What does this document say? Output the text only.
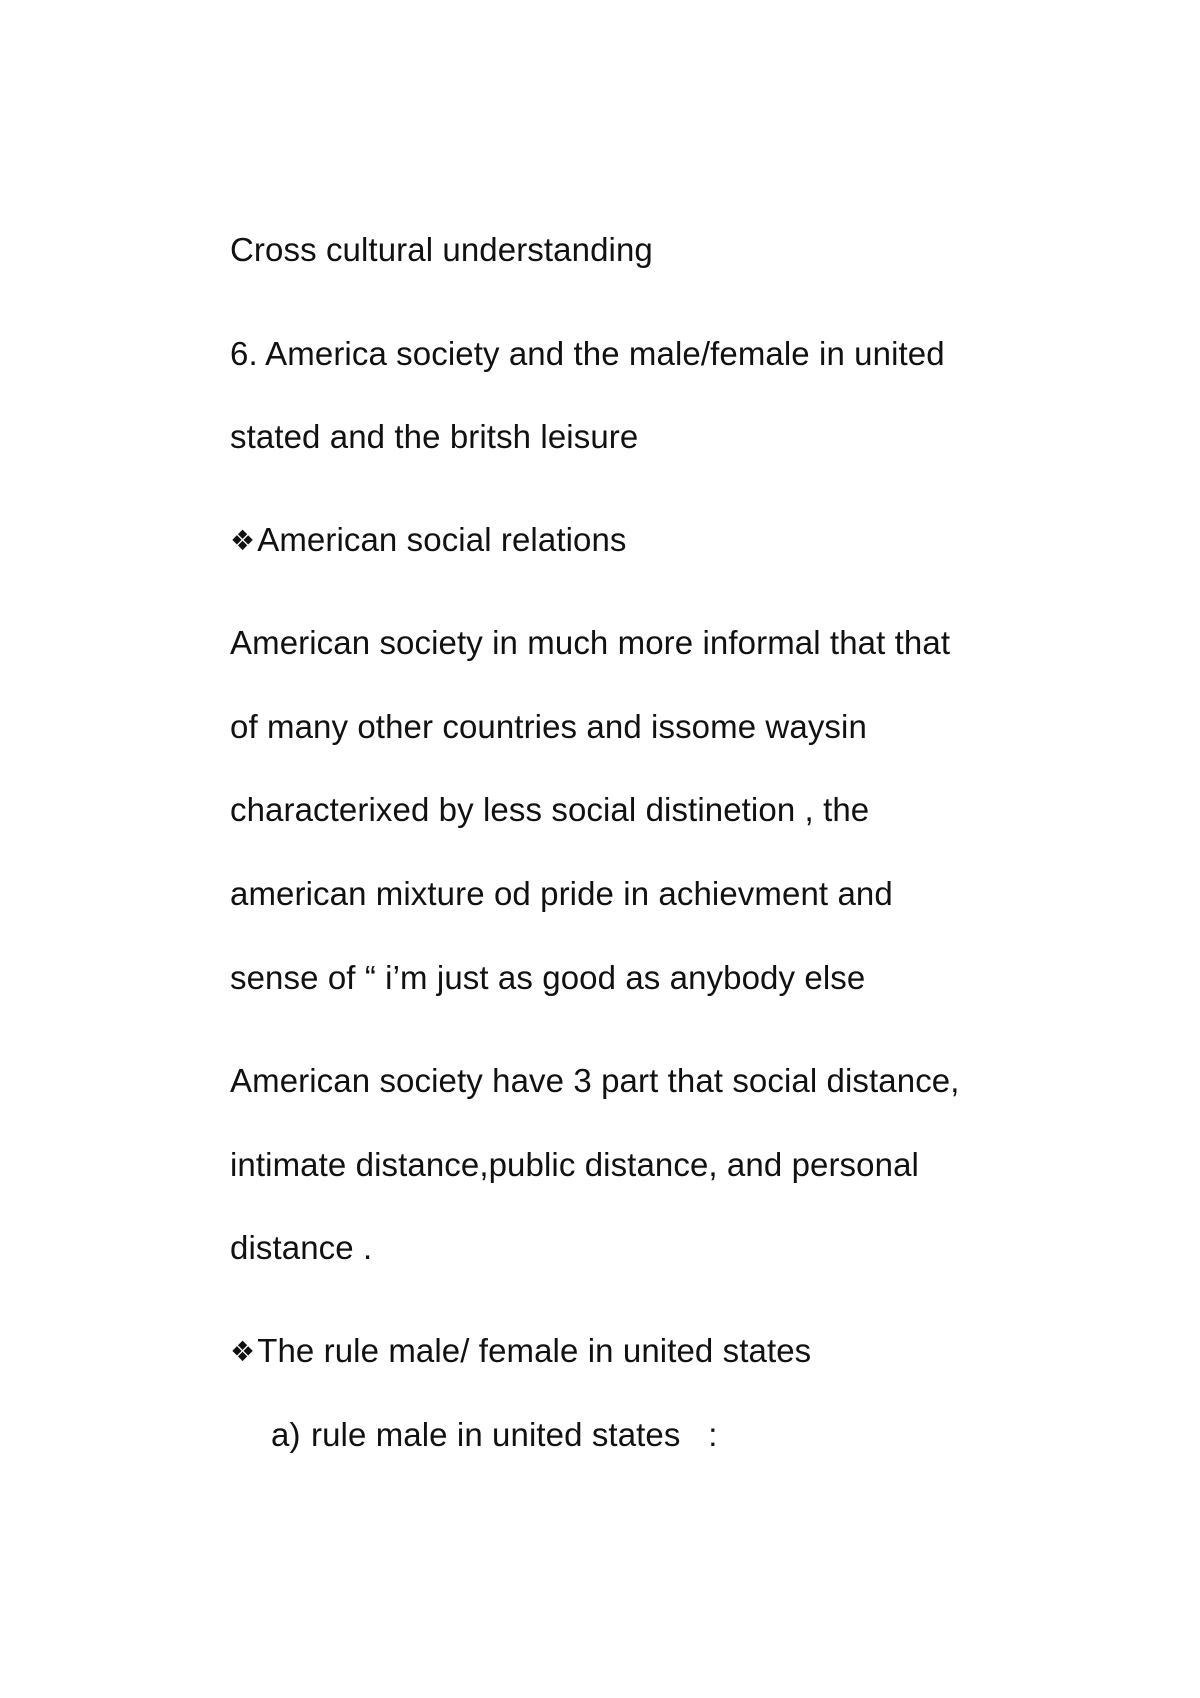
Cross cultural understanding
6. America society and the male/female in united
stated and the britsh leisure
❖American social relations
American society in much more informal that that
of many other countries and issome waysin
characterixed by less social distinetion , the
american mixture od pride in achievment and
sense of “ i’m just as good as anybody else
American society have 3 part that social distance,
intimate distance,public distance, and personal
distance .
❖The rule male/ female in united states
a) rule male in united states   :
